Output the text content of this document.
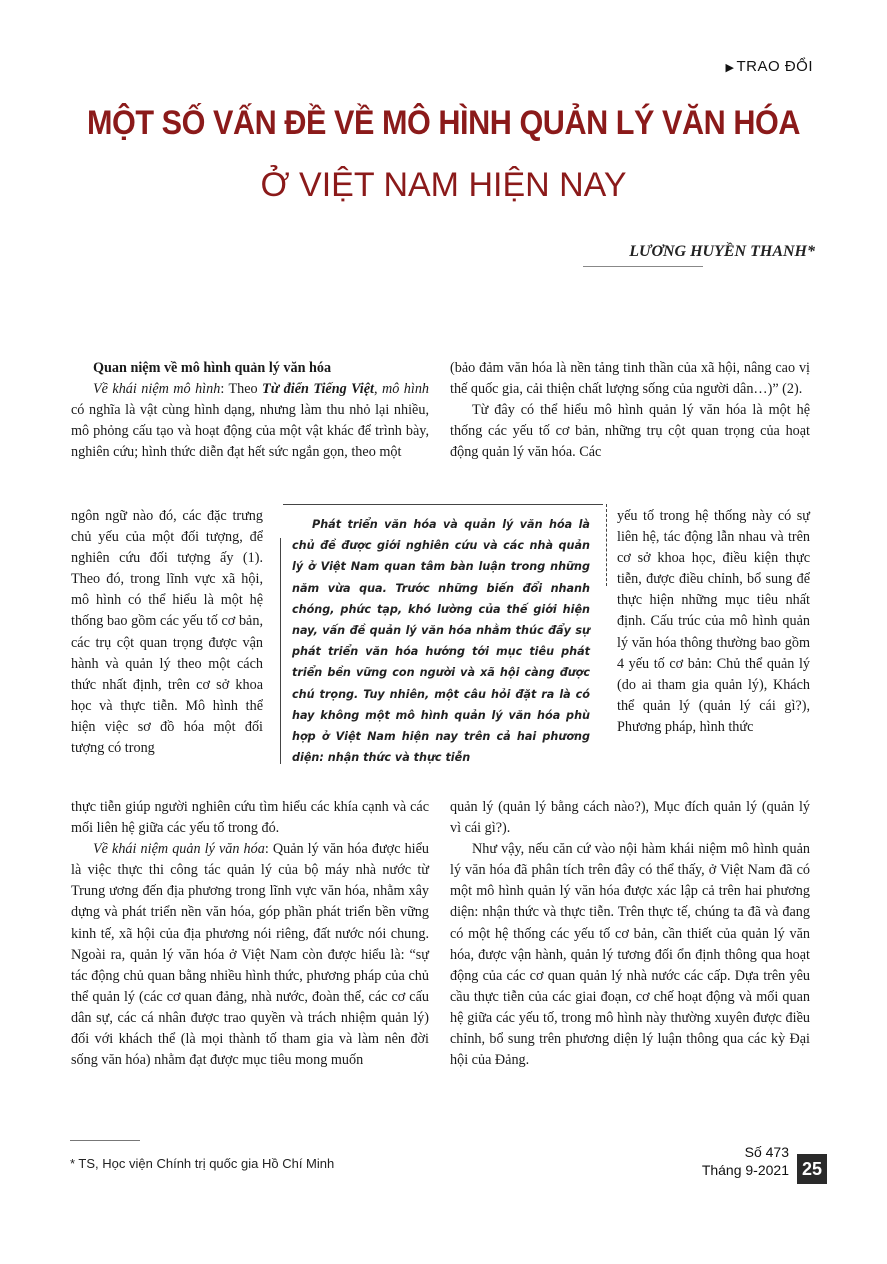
▶ TRAO ĐỔI
MỘT SỐ VẤN ĐỀ VỀ MÔ HÌNH QUẢN LÝ VĂN HÓA
Ở VIỆT NAM HIỆN NAY
LƯƠNG HUYỀN THANH*
Quan niệm về mô hình quản lý văn hóa

Về khái niệm mô hình: Theo Từ điển Tiếng Việt, mô hình có nghĩa là vật cùng hình dạng, nhưng làm thu nhỏ lại nhiều, mô phỏng cấu tạo và hoạt động của một vật khác để trình bày, nghiên cứu; hình thức diễn đạt hết sức ngắn gọn, theo một

ngôn ngữ nào đó, các đặc trưng chủ yếu của một đối tượng, để nghiên cứu đối tượng ấy (1). Theo đó, trong lĩnh vực xã hội, mô hình có thể hiểu là một hệ thống bao gồm các yếu tố cơ bản, các trụ cột quan trọng được vận hành và quản lý theo một cách thức nhất định, trên cơ sở khoa học và thực tiễn. Mô hình thể hiện việc sơ đồ hóa một đối tượng có trong

thực tiễn giúp người nghiên cứu tìm hiểu các khía cạnh và các mối liên hệ giữa các yếu tố trong đó.

Về khái niệm quản lý văn hóa: Quản lý văn hóa được hiểu là việc thực thi công tác quản lý của bộ máy nhà nước từ Trung ương đến địa phương trong lĩnh vực văn hóa, nhằm xây dựng và phát triển nền văn hóa, góp phần phát triển bền vững kinh tế, xã hội của địa phương nói riêng, đất nước nói chung. Ngoài ra, quản lý văn hóa ở Việt Nam còn được hiểu là: “sự tác động chủ quan bằng nhiều hình thức, phương pháp của chủ thể quản lý (các cơ quan đảng, nhà nước, đoàn thể, các cơ cấu dân sự, các cá nhân được trao quyền và trách nhiệm quản lý) đối với khách thể (là mọi thành tố tham gia và làm nên đời sống văn hóa) nhằm đạt được mục tiêu mong muốn

Phát triển văn hóa và quản lý văn hóa là chủ đề được giới nghiên cứu và các nhà quản lý ở Việt Nam quan tâm bàn luận trong những năm vừa qua. Trước những biến đổi nhanh chóng, phức tạp, khó lường của thế giới hiện nay, vấn đề quản lý văn hóa nhằm thúc đẩy sự phát triển văn hóa hướng tới mục tiêu phát triển bền vững con người và xã hội càng được chú trọng. Tuy nhiên, một câu hỏi đặt ra là có hay không một mô hình quản lý văn hóa phù hợp ở Việt Nam hiện nay trên cả hai phương diện: nhận thức và thực tiễn

(bảo đảm văn hóa là nền tảng tinh thần của xã hội, nâng cao vị thế quốc gia, cải thiện chất lượng sống của người dân…)” (2).

Từ đây có thể hiểu mô hình quản lý văn hóa là một hệ thống các yếu tố cơ bản, những trụ cột quan trọng của hoạt động quản lý văn hóa. Các

yếu tố trong hệ thống này có sự liên hệ, tác động lẫn nhau và trên cơ sở khoa học, điều kiện thực tiễn, được điều chỉnh, bổ sung để thực hiện những mục tiêu nhất định. Cấu trúc của mô hình quản lý văn hóa thông thường bao gồm 4 yếu tố cơ bản: Chủ thể quản lý (do ai tham gia quản lý), Khách thể quản lý (quản lý cái gì?), Phương pháp, hình thức

quản lý (quản lý bằng cách nào?), Mục đích quản lý (quản lý vì cái gì?).

Như vậy, nếu căn cứ vào nội hàm khái niệm mô hình quản lý văn hóa đã phân tích trên đây có thể thấy, ở Việt Nam đã có một mô hình quản lý văn hóa được xác lập cả trên hai phương diện: nhận thức và thực tiễn. Trên thực tế, chúng ta đã và đang có một hệ thống các yếu tố cơ bản, cần thiết của quản lý văn hóa, được vận hành, quản lý tương đối ổn định thông qua hoạt động của các cơ quan quản lý nhà nước các cấp. Dựa trên yêu cầu thực tiễn của các giai đoạn, cơ chế hoạt động và mối quan hệ giữa các yếu tố, trong mô hình này thường xuyên được điều chỉnh, bổ sung trên phương diện lý luận thông qua các kỳ Đại hội của Đảng.

* TS, Học viện Chính trị quốc gia Hồ Chí Minh
Số 473
Tháng 9-2021 25
